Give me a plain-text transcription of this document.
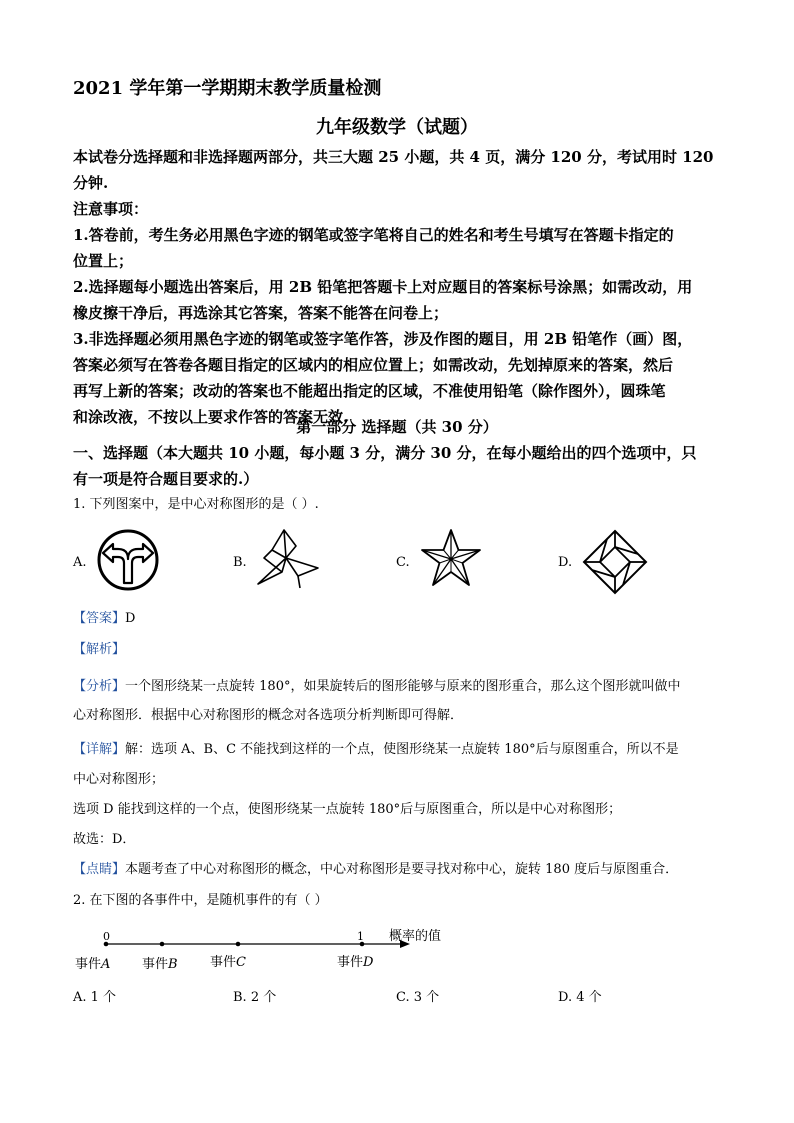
2021 学年第一学期期末教学质量检测
九年级数学（试题）
本试卷分选择题和非选择题两部分，共三大题 25 小题，共 4 页，满分 120 分，考试用时 120
分钟.
注意事项：
1.答卷前，考生务必用黑色字迹的钢笔或签字笔将自己的姓名和考生号填写在答题卡指定的
位置上；
2.选择题每小题选出答案后，用 2B 铅笔把答题卡上对应题目的答案标号涂黑；如需改动，用
橡皮擦干净后，再选涂其它答案，答案不能答在问卷上；
3.非选择题必须用黑色字迹的钢笔或签字笔作答，涉及作图的题目，用 2B 铅笔作（画）图，
答案必须写在答卷各题目指定的区域内的相应位置上；如需改动，先划掉原来的答案，然后
再写上新的答案；改动的答案也不能超出指定的区域，不准使用铅笔（除作图外），圆珠笔
和涂改液，不按以上要求作答的答案无效.
第一部分 选择题（共 30 分）
一、选择题（本大题共 10 小题，每小题 3 分，满分 30 分，在每小题给出的四个选项中，只
有一项是符合题目要求的.）
1. 下列图案中，是中心对称图形的是（ ）.
A.	B.	C.	D.
【答案】D
【解析】
【分析】一个图形绕某一点旋转 180°，如果旋转后的图形能够与原来的图形重合，那么这个图形就叫做中
心对称图形．根据中心对称图形的概念对各选项分析判断即可得解．
【详解】解：选项 A、B、C 不能找到这样的一个点，使图形绕某一点旋转 180°后与原图重合，所以不是
中心对称图形；
选项 D 能找到这样的一个点，使图形绕某一点旋转 180°后与原图重合，所以是中心对称图形；
故选：D．
【点睛】本题考查了中心对称图形的概念，中心对称图形是要寻找对称中心，旋转 180 度后与原图重合．
2. 在下图的各事件中，是随机事件的有（ ）
0	1 概率的值
事件A 事件B 事件C	事件D
A. 1 个	B. 2 个	C. 3 个	D. 4 个
